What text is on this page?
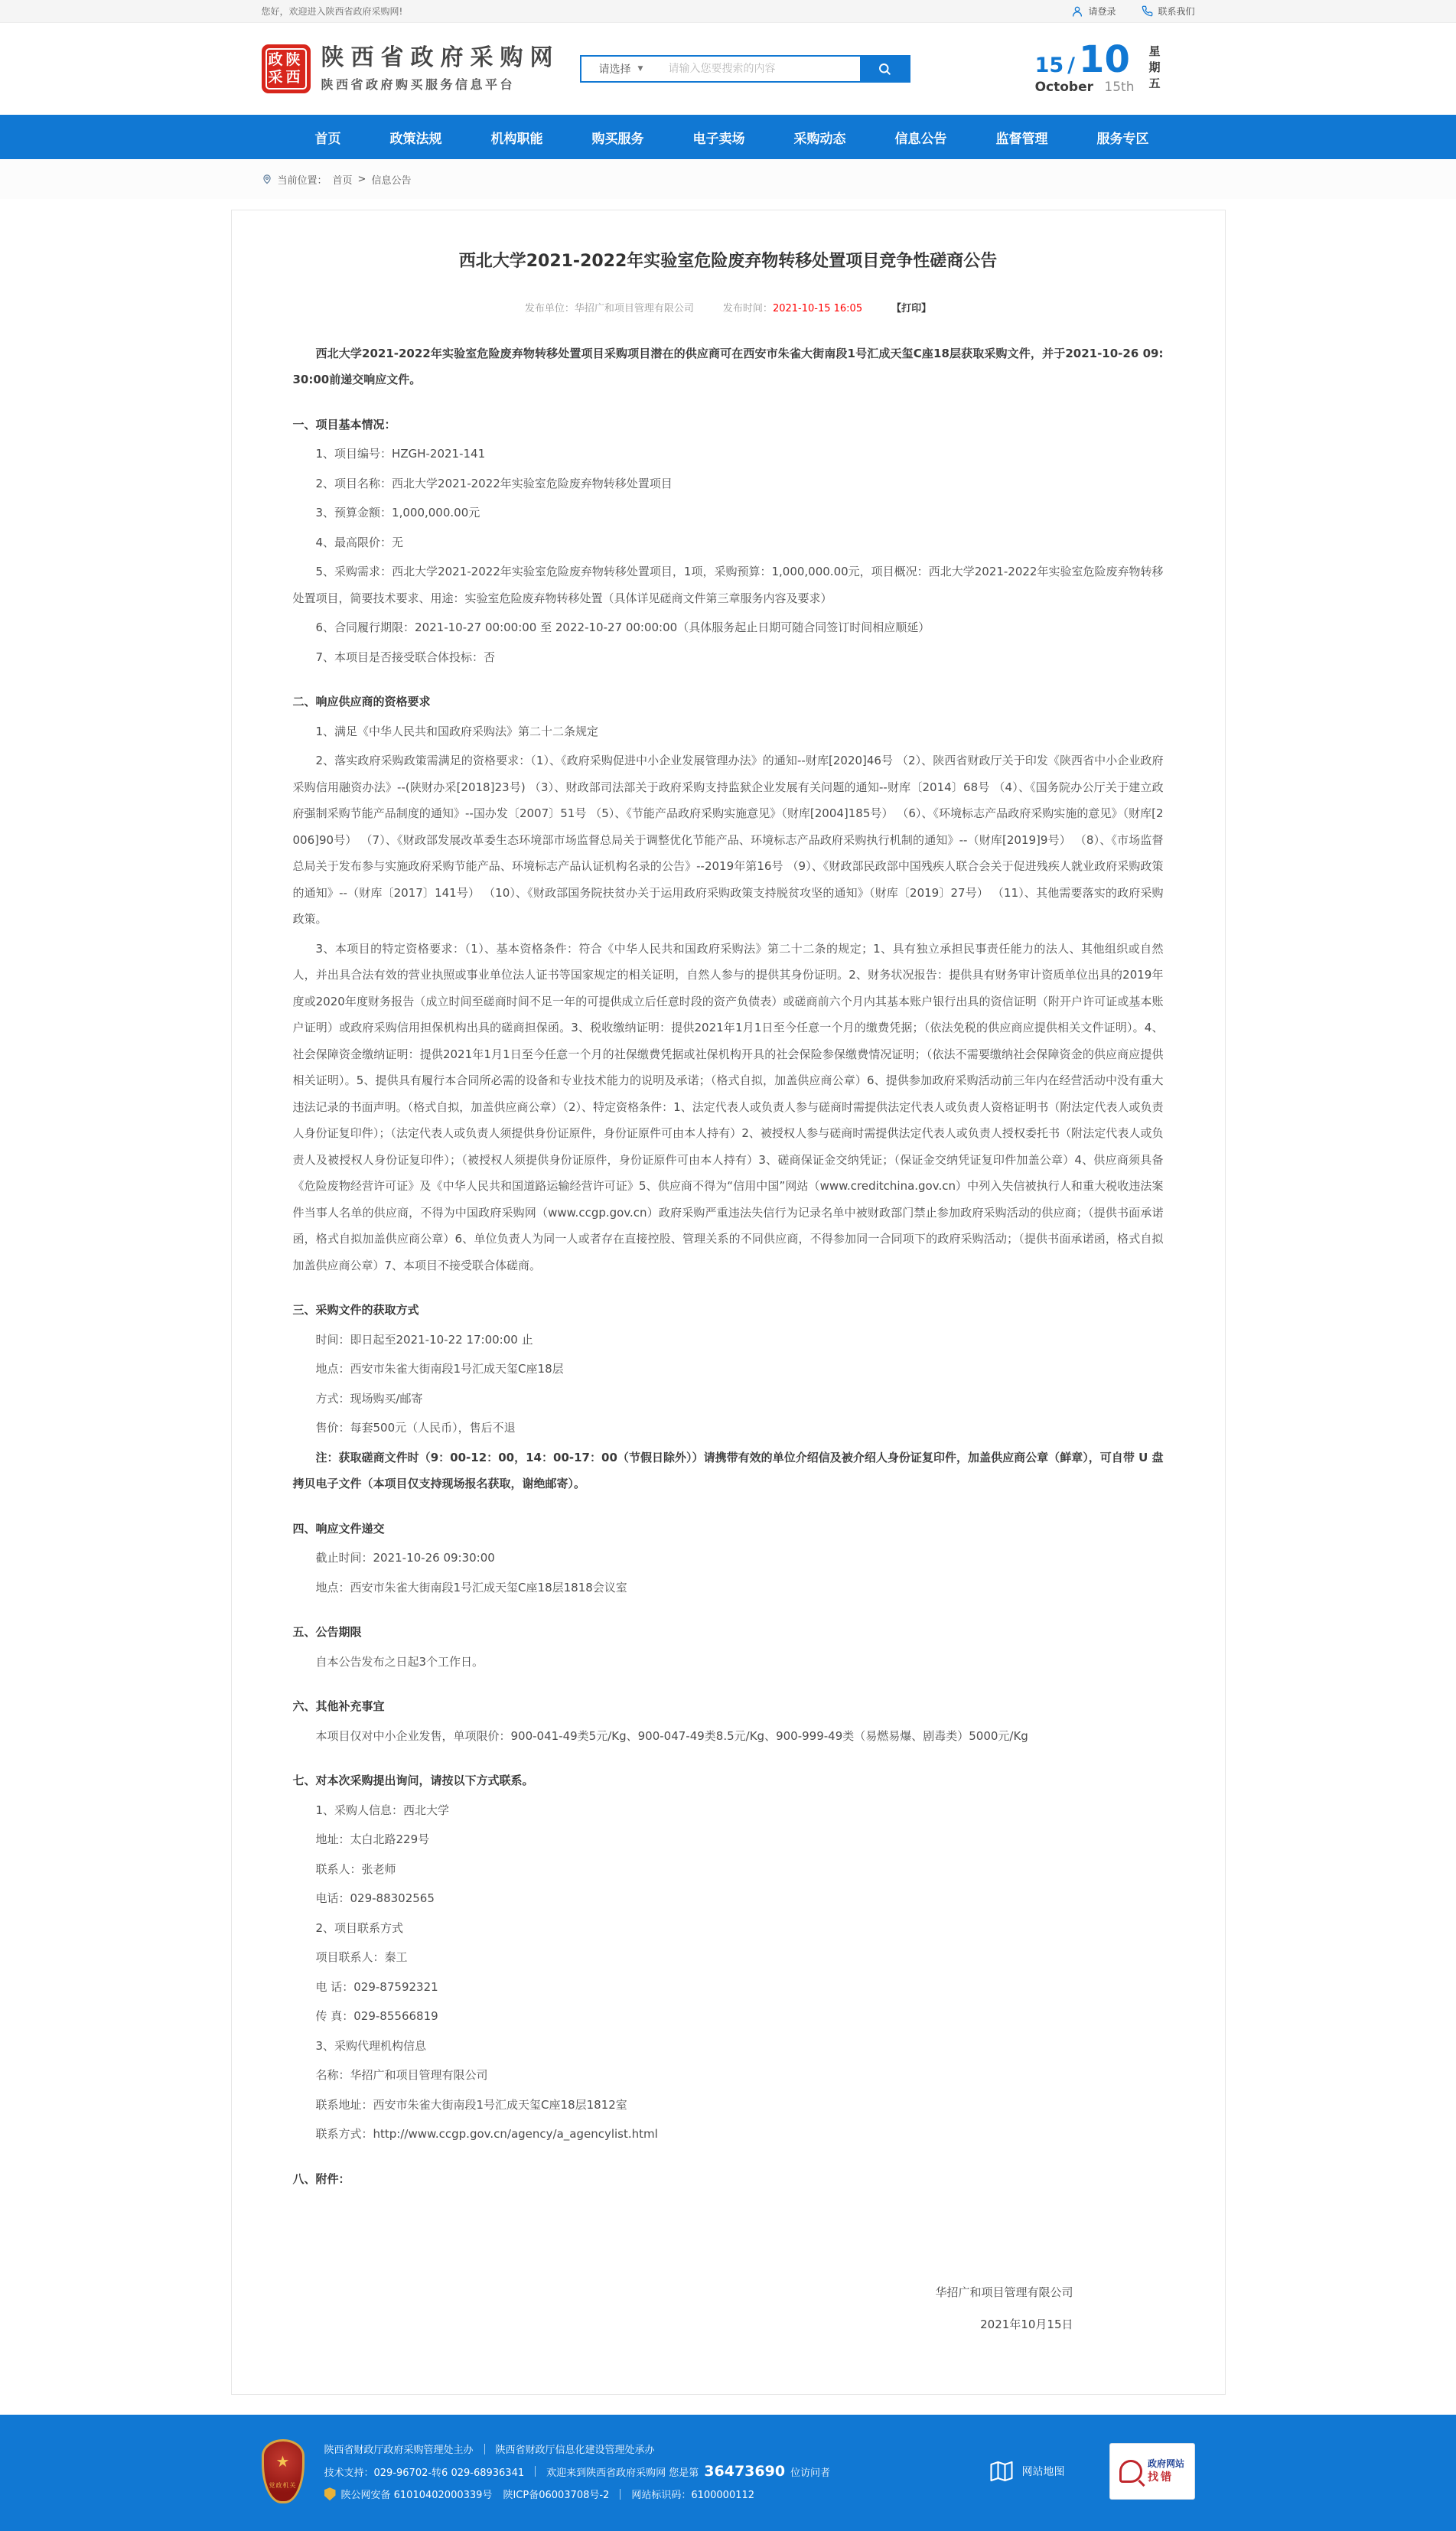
您好，欢迎进入陕西省政府采购网!	请登录	联系我们
政陕
采西
陕西省政府采购网
陕西省政府购买服务信息平台
请选择 ▼
请输入您要搜索的内容	15 / 10
October 15th 星期五
首页	政策法规	机构职能	购买服务	电子卖场	采购动态	信息公告	监督管理	服务专区
当前位置： 首页 > 信息公告
西北大学2021-2022年实验室危险废弃物转移处置项目竞争性磋商公告
发布单位：华招广和项目管理有限公司	发布时间：2021-10-15 16:05	【打印】

西北大学2021-2022年实验室危险废弃物转移处置项目采购项目潜在的供应商可在西安市朱雀大街南段1号汇成天玺C座18层获取采购文件，并于2021-10-26 09:30:00前递交响应文件。

一、项目基本情况：

1、项目编号：HZGH-2021-141

2、项目名称：西北大学2021-2022年实验室危险废弃物转移处置项目

3、预算金额：1,000,000.00元

4、最高限价：无

5、采购需求：西北大学2021-2022年实验室危险废弃物转移处置项目，1项，采购预算：1,000,000.00元，项目概况：西北大学2021-2022年实验室危险废弃物转移处置项目，简要技术要求、用途：实验室危险废弃物转移处置（具体详见磋商文件第三章服务内容及要求）

6、合同履行期限：2021-10-27 00:00:00 至 2022-10-27 00:00:00（具体服务起止日期可随合同签订时间相应顺延）

7、本项目是否接受联合体投标：否

二、响应供应商的资格要求

1、满足《中华人民共和国政府采购法》第二十二条规定

2、落实政府采购政策需满足的资格要求：（1）、《政府采购促进中小企业发展管理办法》的通知--财库[2020]46号 （2）、陕西省财政厅关于印发《陕西省中小企业政府采购信用融资办法》--(陕财办采[2018]23号) （3）、财政部司法部关于政府采购支持监狱企业发展有关问题的通知--财库〔2014〕68号 （4）、《国务院办公厅关于建立政府强制采购节能产品制度的通知》--国办发〔2007〕51号 （5）、《节能产品政府采购实施意见》（财库[2004]185号） （6）、《环境标志产品政府采购实施的意见》（财库[2006]90号） （7）、《财政部发展改革委生态环境部市场监督总局关于调整优化节能产品、环境标志产品政府采购执行机制的通知》--（财库[2019]9号） （8）、《市场监督总局关于发布参与实施政府采购节能产品、环境标志产品认证机构名录的公告》--2019年第16号 （9）、《财政部民政部中国残疾人联合会关于促进残疾人就业政府采购政策的通知》--（财库〔2017〕141号） （10）、《财政部国务院扶贫办关于运用政府采购政策支持脱贫攻坚的通知》（财库〔2019〕27号） （11）、其他需要落实的政府采购政策。

3、本项目的特定资格要求：（1）、基本资格条件：符合《中华人民共和国政府采购法》第二十二条的规定；1、具有独立承担民事责任能力的法人、其他组织或自然人，并出具合法有效的营业执照或事业单位法人证书等国家规定的相关证明，自然人参与的提供其身份证明。2、财务状况报告：提供具有财务审计资质单位出具的2019年度或2020年度财务报告（成立时间至磋商时间不足一年的可提供成立后任意时段的资产负债表）或磋商前六个月内其基本账户银行出具的资信证明（附开户许可证或基本账户证明）或政府采购信用担保机构出具的磋商担保函。3、税收缴纳证明：提供2021年1月1日至今任意一个月的缴费凭据；（依法免税的供应商应提供相关文件证明）。4、社会保障资金缴纳证明：提供2021年1月1日至今任意一个月的社保缴费凭据或社保机构开具的社会保险参保缴费情况证明；（依法不需要缴纳社会保障资金的供应商应提供相关证明）。5、提供具有履行本合同所必需的设备和专业技术能力的说明及承诺；（格式自拟，加盖供应商公章）6、提供参加政府采购活动前三年内在经营活动中没有重大违法记录的书面声明。（格式自拟，加盖供应商公章）（2）、特定资格条件：1、法定代表人或负责人参与磋商时需提供法定代表人或负责人资格证明书（附法定代表人或负责人身份证复印件）；（法定代表人或负责人须提供身份证原件，身份证原件可由本人持有）2、被授权人参与磋商时需提供法定代表人或负责人授权委托书（附法定代表人或负责人及被授权人身份证复印件）；（被授权人须提供身份证原件，身份证原件可由本人持有）3、磋商保证金交纳凭证；（保证金交纳凭证复印件加盖公章）4、供应商须具备《危险废物经营许可证》及《中华人民共和国道路运输经营许可证》5、供应商不得为“信用中国”网站（www.creditchina.gov.cn）中列入失信被执行人和重大税收违法案件当事人名单的供应商，不得为中国政府采购网（www.ccgp.gov.cn）政府采购严重违法失信行为记录名单中被财政部门禁止参加政府采购活动的供应商；（提供书面承诺函，格式自拟加盖供应商公章）6、单位负责人为同一人或者存在直接控股、管理关系的不同供应商，不得参加同一合同项下的政府采购活动；（提供书面承诺函，格式自拟加盖供应商公章）7、本项目不接受联合体磋商。

三、采购文件的获取方式

时间：即日起至2021-10-22 17:00:00 止

地点：西安市朱雀大街南段1号汇成天玺C座18层

方式：现场购买/邮寄

售价：每套500元（人民币），售后不退

注：获取磋商文件时（9：00-12：00，14：00-17：00（节假日除外））请携带有效的单位介绍信及被介绍人身份证复印件，加盖供应商公章（鲜章），可自带 U 盘拷贝电子文件（本项目仅支持现场报名获取，谢绝邮寄）。

四、响应文件递交

截止时间：2021-10-26 09:30:00

地点：西安市朱雀大街南段1号汇成天玺C座18层1818会议室

五、公告期限

自本公告发布之日起3个工作日。

六、其他补充事宜

本项目仅对中小企业发售，单项限价：900-041-49类5元/Kg、900-047-49类8.5元/Kg、900-999-49类（易燃易爆、剧毒类）5000元/Kg

七、对本次采购提出询问，请按以下方式联系。

1、采购人信息：西北大学

地址：太白北路229号

联系人：张老师

电话：029-88302565

2、项目联系方式

项目联系人：秦工

电 话：029-87592321

传 真：029-85566819

3、采购代理机构信息

名称：华招广和项目管理有限公司

联系地址：西安市朱雀大街南段1号汇成天玺C座18层1812室

联系方式：http://www.ccgp.gov.cn/agency/a_agencylist.html

八、附件：
华招广和项目管理有限公司
2021年10月15日
★
党政机关
陕西省财政厅政府采购管理处主办 陕西省财政厅信息化建设管理处承办
技术支持：029-96702-转6 029-68936341 欢迎来到陕西省政府采购网 您是第 36473690 位访问者
陕公网安备 61010402000339号 陕ICP备06003708号-2 网站标识码：6100000112
网站地图
政府网站
找错
